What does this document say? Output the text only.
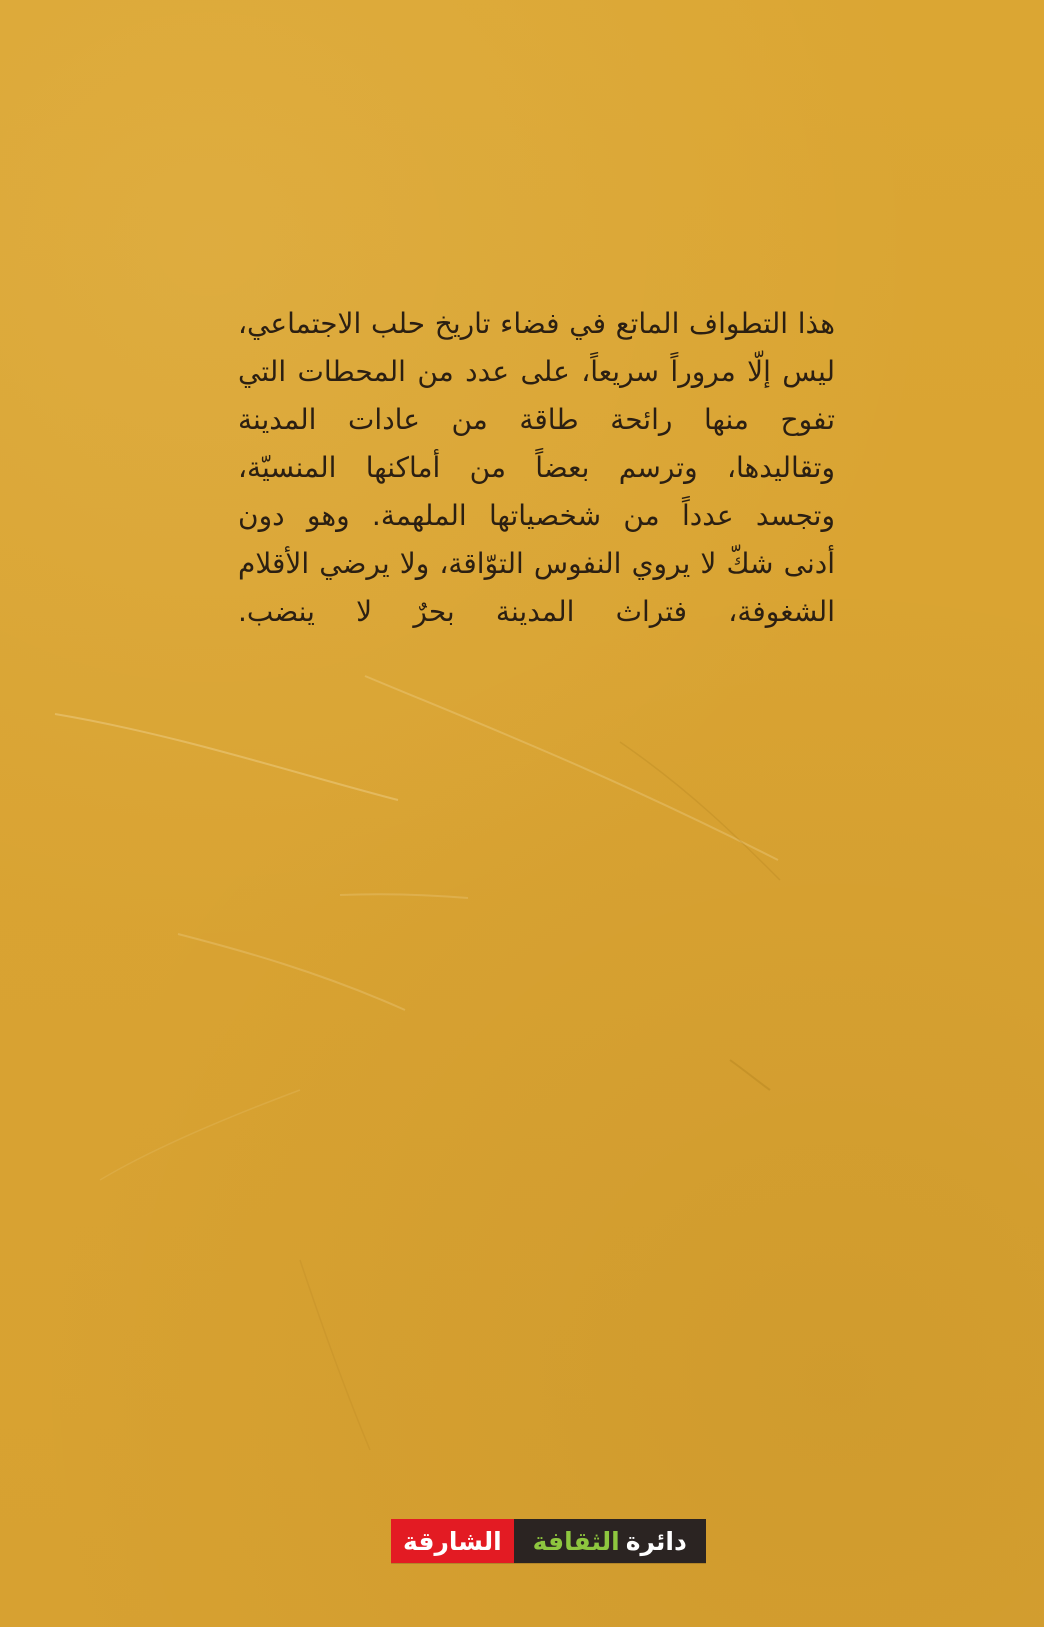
هذا التطواف الماتع في فضاء تاريخ حلب الاجتماعي،
ليس إلّا مروراً سريعاً، على عدد من المحطات التي
تفوح منها رائحة طاقة من عادات المدينة
وتقاليدها، وترسم بعضاً من أماكنها المنسيّة،
وتجسد عدداً من شخصياتها الملهمة. وهو دون
أدنى شكّ لا يروي النفوس التوّاقة، ولا يرضي الأقلام
الشغوفة، فتراث المدينة بحرٌ لا ينضب.
دائرة
الثقافة
الشارقة
